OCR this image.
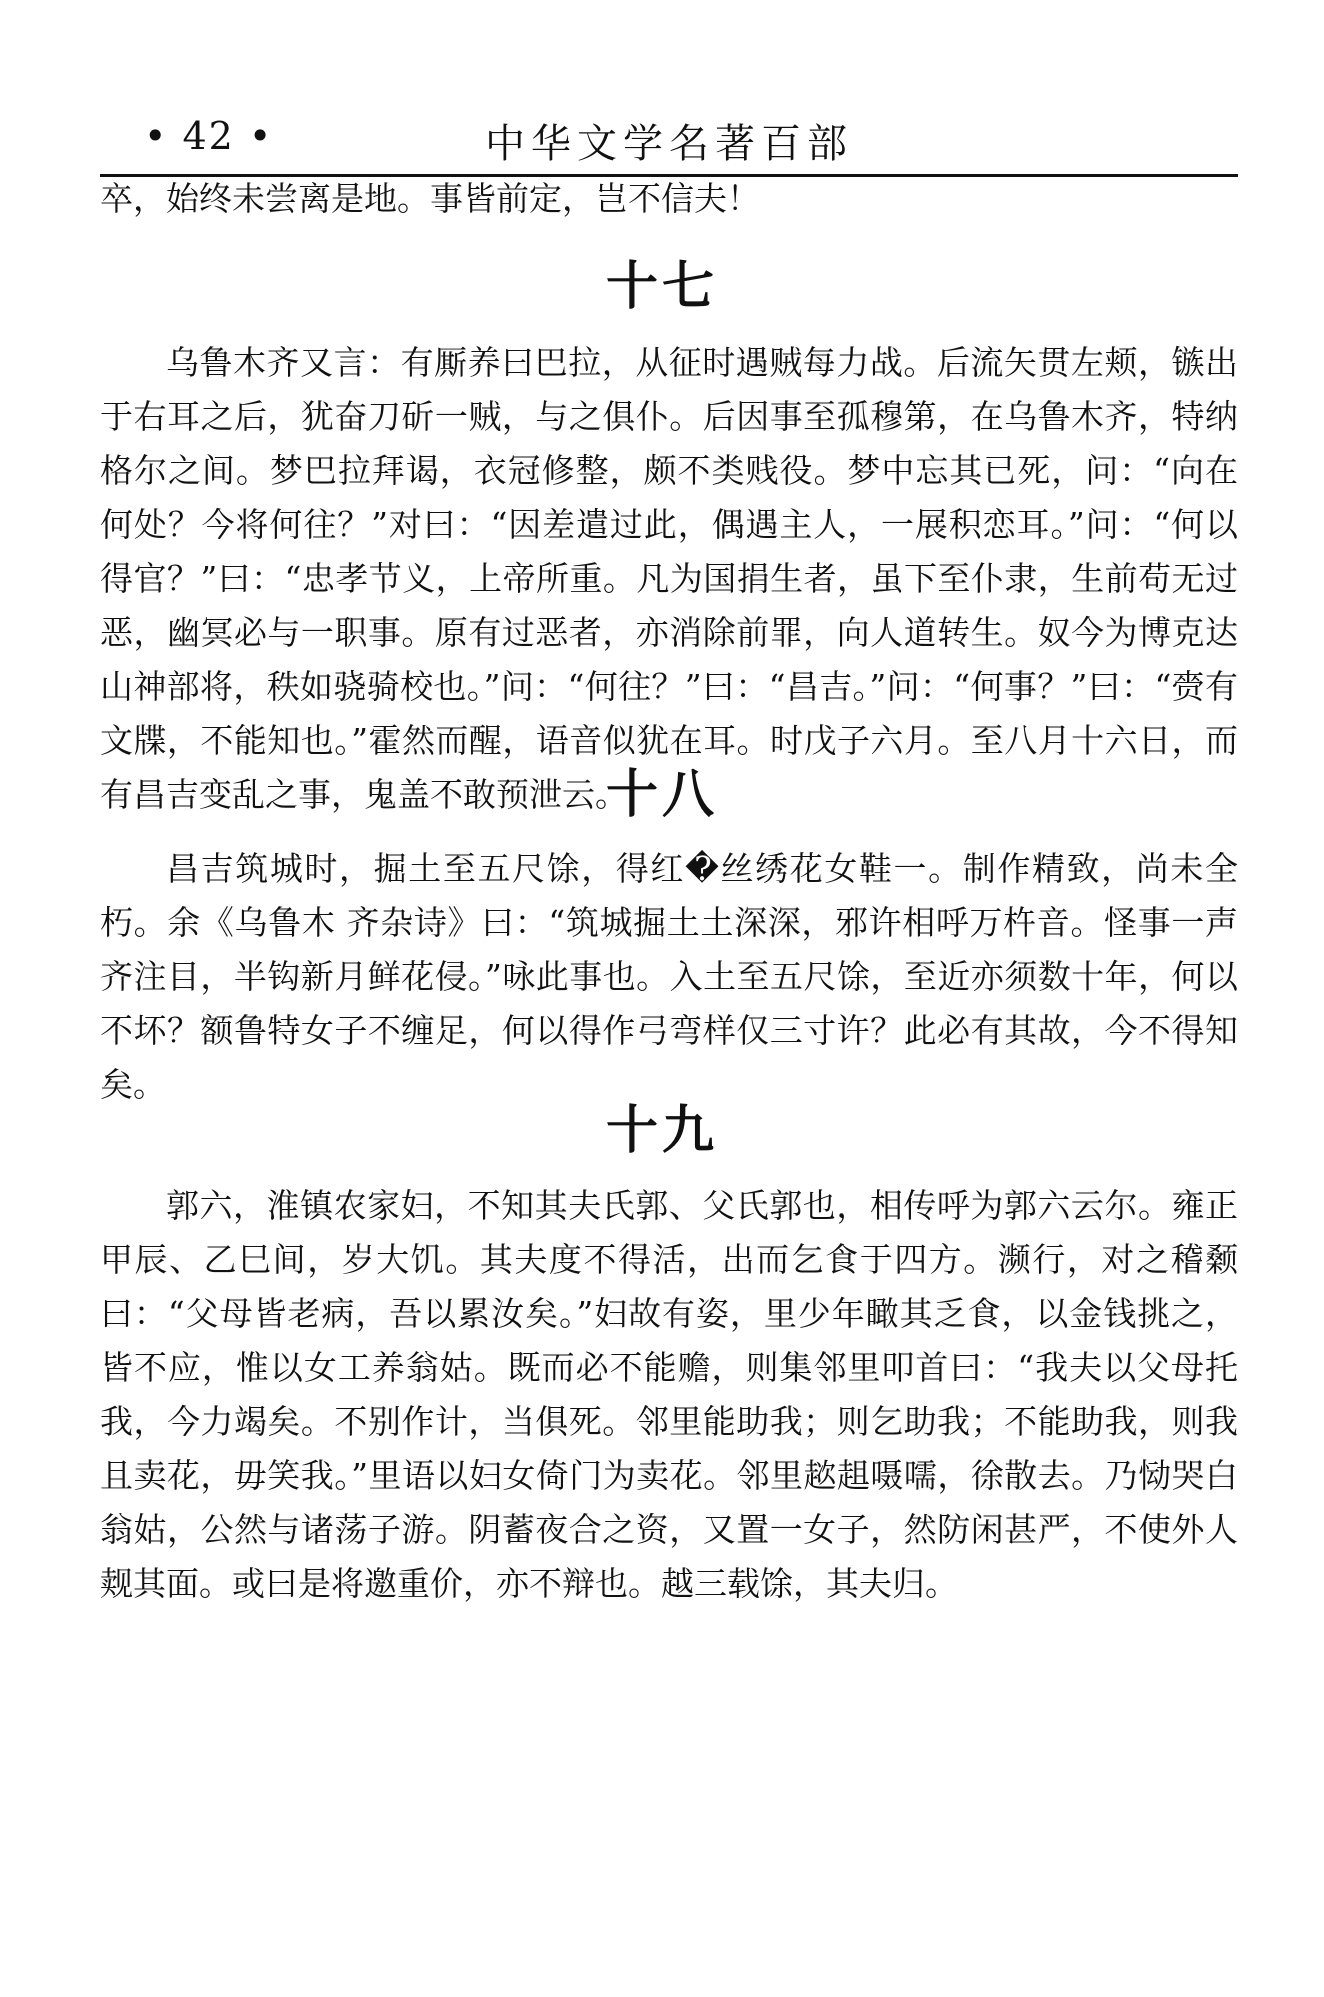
• 42 •	中华文学名著百部

卒，始终未尝离是地。事皆前定，岂不信夫！

十七

乌鲁木齐又言：有厮养曰巴拉，从征时遇贼每力战。后流矢贯左颊，镞出于右耳之后，犹奋刀斫一贼，与之俱仆。后因事至孤穆第，在乌鲁木齐，特纳格尔之间。梦巴拉拜谒，衣冠修整，颇不类贱役。梦中忘其已死，问：“向在何处？今将何往？”对曰：“因差遣过此，偶遇主人，一展积恋耳。”问：“何以得官？”曰：“忠孝节义，上帝所重。凡为国捐生者，虽下至仆隶，生前苟无过恶，幽冥必与一职事。原有过恶者，亦消除前罪，向人道转生。奴今为博克达山神部将，秩如骁骑校也。”问：“何往？”曰：“昌吉。”问：“何事？”曰：“赍有文牒，不能知也。”霍然而醒，语音似犹在耳。时戊子六月。至八月十六日，而有昌吉变乱之事，鬼盖不敢预泄云。

十八

昌吉筑城时，掘土至五尺馀，得红�丝绣花女鞋一。制作精致，尚未全朽。余《乌鲁木 齐杂诗》曰：“筑城掘土土深深，邪许相呼万杵音。怪事一声齐注目，半钩新月鲜花侵。”咏此事也。入土至五尺馀，至近亦须数十年，何以不坏？额鲁特女子不缠足，何以得作弓弯样仅三寸许？此必有其故，今不得知矣。

十九

郭六，淮镇农家妇，不知其夫氏郭、父氏郭也，相传呼为郭六云尔。雍正甲辰、乙巳间，岁大饥。其夫度不得活，出而乞食于四方。濒行，对之稽颡曰：“父母皆老病，吾以累汝矣。”妇故有姿，里少年瞰其乏食，以金钱挑之，皆不应，惟以女工养翁姑。既而必不能赡，则集邻里叩首曰：“我夫以父母托我，今力竭矣。不别作计，当俱死。邻里能助我；则乞助我；不能助我，则我且卖花，毋笑我。”里语以妇女倚门为卖花。邻里趑趄嗫嚅，徐散去。乃恸哭白翁姑，公然与诸荡子游。阴蓄夜合之资，又置一女子，然防闲甚严，不使外人觌其面。或曰是将邀重价，亦不辩也。越三载馀，其夫归。
